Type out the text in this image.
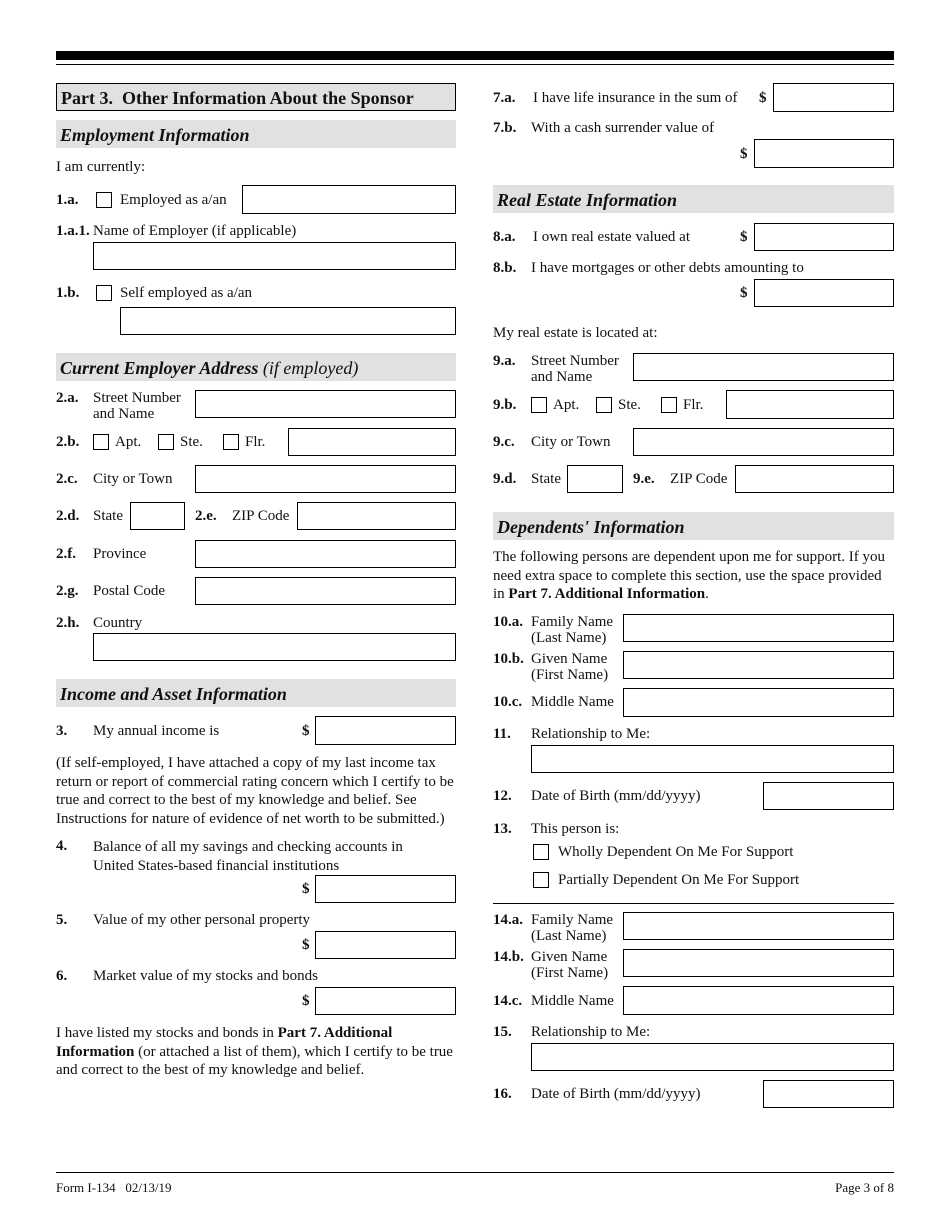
Part 3.  Other Information About the Sponsor
Employment Information
I am currently:
1.a.	Employed as a/an
1.a.1. Name of Employer (if applicable)
1.b.	Self employed as a/an
Current Employer Address (if employed)
2.a. Street Number
and Name
2.b. Apt.	Ste.	Flr.
2.c. City or Town
2.d. State	2.e. ZIP Code
2.f. Province
2.g. Postal Code
2.h. Country
Income and Asset Information
3. My annual income is	$
(If self-employed, I have attached a copy of my last income tax return or report of commercial rating concern which I certify to be true and correct to the best of my knowledge and belief. See Instructions for nature of evidence of net worth to be submitted.)
4. Balance of all my savings and checking accounts in United States-based financial institutions
$
5. Value of my other personal property
$
6. Market value of my stocks and bonds
$
I have listed my stocks and bonds in Part 7. Additional Information (or attached a list of them), which I certify to be true and correct to the best of my knowledge and belief.
7.a. I have life insurance in the sum of $
7.b. With a cash surrender value of
$
Real Estate Information
8.a. I own real estate valued at	$
8.b. I have mortgages or other debts amounting to
$
My real estate is located at:
9.a. Street Number
and Name
9.b. Apt.	Ste.	Flr.
9.c. City or Town
9.d. State	9.e. ZIP Code
Dependents' Information
The following persons are dependent upon me for support. If you need extra space to complete this section, use the space provided in Part 7. Additional Information.
10.a. Family Name
(Last Name)
10.b. Given Name
(First Name)
10.c. Middle Name
11. Relationship to Me:
12. Date of Birth (mm/dd/yyyy)
13. This person is:
Wholly Dependent On Me For Support
Partially Dependent On Me For Support
14.a. Family Name
(Last Name)
14.b. Given Name
(First Name)
14.c. Middle Name
15. Relationship to Me:
16. Date of Birth (mm/dd/yyyy)
Form I-134   02/13/19	Page 3 of 8
